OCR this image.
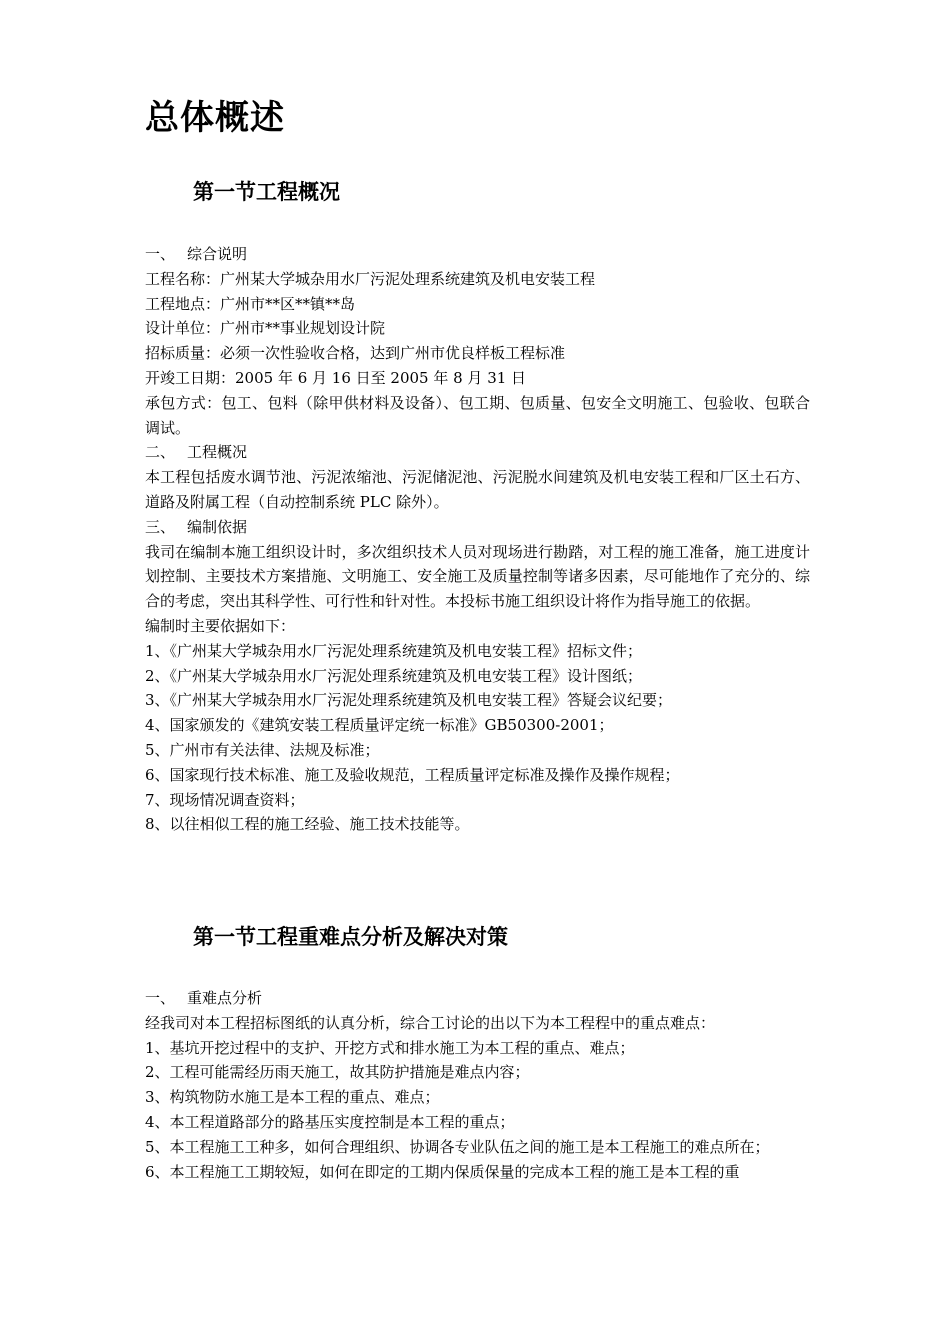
总体概述
第一节工程概况
一、 综合说明
工程名称：广州某大学城杂用水厂污泥处理系统建筑及机电安装工程
工程地点：广州市**区**镇**岛
设计单位：广州市**事业规划设计院
招标质量：必须一次性验收合格，达到广州市优良样板工程标准
开竣工日期：2005 年 6 月 16 日至 2005 年 8 月 31 日
承包方式：包工、包料（除甲供材料及设备）、包工期、包质量、包安全文明施工、包验收、包联合调试。
二、 工程概况
本工程包括废水调节池、污泥浓缩池、污泥储泥池、污泥脱水间建筑及机电安装工程和厂区土石方、道路及附属工程（自动控制系统 PLC 除外）。
三、 编制依据
我司在编制本施工组织设计时，多次组织技术人员对现场进行勘踏，对工程的施工准备，施工进度计划控制、主要技术方案措施、文明施工、安全施工及质量控制等诸多因素，尽可能地作了充分的、综合的考虑，突出其科学性、可行性和针对性。本投标书施工组织设计将作为指导施工的依据。
编制时主要依据如下：
1、《广州某大学城杂用水厂污泥处理系统建筑及机电安装工程》招标文件；
2、《广州某大学城杂用水厂污泥处理系统建筑及机电安装工程》设计图纸；
3、《广州某大学城杂用水厂污泥处理系统建筑及机电安装工程》答疑会议纪要；
4、国家颁发的《建筑安装工程质量评定统一标准》GB50300-2001；
5、广州市有关法律、法规及标准；
6、国家现行技术标准、施工及验收规范，工程质量评定标准及操作及操作规程；
7、现场情况调查资料；
8、以往相似工程的施工经验、施工技术技能等。
第一节工程重难点分析及解决对策
一、 重难点分析
经我司对本工程招标图纸的认真分析，综合工讨论的出以下为本工程程中的重点难点：
1、基坑开挖过程中的支护、开挖方式和排水施工为本工程的重点、难点；
2、工程可能需经历雨天施工，故其防护措施是难点内容；
3、构筑物防水施工是本工程的重点、难点；
4、本工程道路部分的路基压实度控制是本工程的重点；
5、本工程施工工种多，如何合理组织、协调各专业队伍之间的施工是本工程施工的难点所在；
6、本工程施工工期较短，如何在即定的工期内保质保量的完成本工程的施工是本工程的重
